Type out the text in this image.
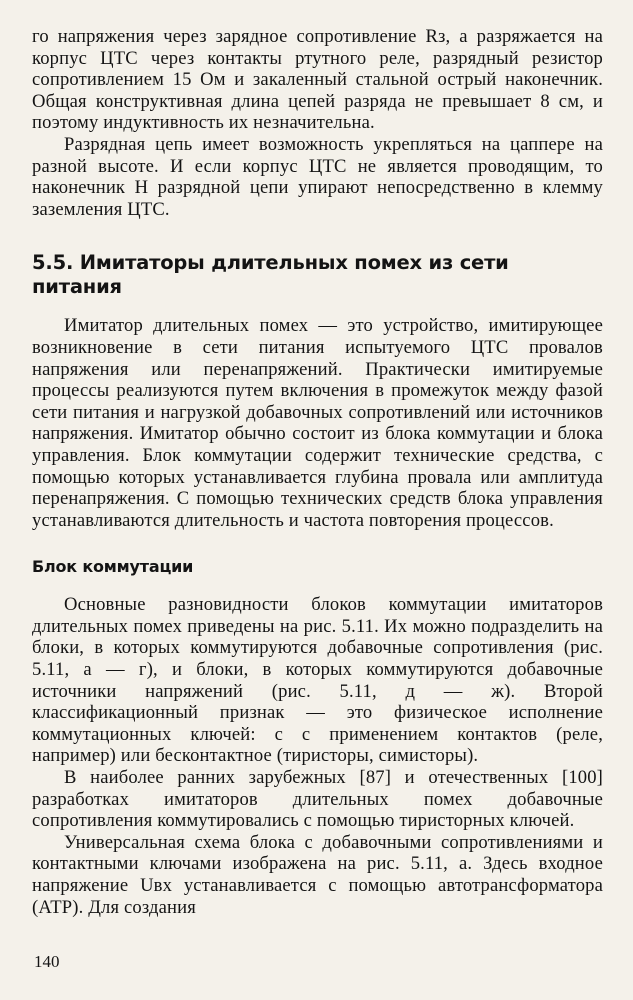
го напряжения через зарядное сопротивление Rз, а разряжается на корпус ЦТС через контакты ртутного реле, разрядный резистор сопротивлением 15 Ом и закаленный стальной острый наконечник. Общая конструктивная длина цепей разряда не превышает 8 см, и поэтому индуктивность их незначительна.

Разрядная цепь имеет возможность укрепляться на цаппере на разной высоте. И если корпус ЦТС не является проводящим, то наконечник H разрядной цепи упирают непосредственно в клемму заземления ЦТС.

5.5. Имитаторы длительных помех из сети питания

Имитатор длительных помех — это устройство, имитирующее возникновение в сети питания испытуемого ЦТС провалов напряжения или перенапряжений. Практически имитируемые процессы реализуются путем включения в промежуток между фазой сети питания и нагрузкой добавочных сопротивлений или источников напряжения. Имитатор обычно состоит из блока коммутации и блока управления. Блок коммутации содержит технические средства, с помощью которых устанавливается глубина провала или амплитуда перенапряжения. С помощью технических средств блока управления устанавливаются длительность и частота повторения процессов.

Блок коммутации

Основные разновидности блоков коммутации имитаторов длительных помех приведены на рис. 5.11. Их можно подразделить на блоки, в которых коммутируются добавочные сопротивления (рис. 5.11, а — г), и блоки, в которых коммутируются добавочные источники напряжений (рис. 5.11, д — ж). Второй классификационный признак — это физическое исполнение коммутационных ключей: с с применением контактов (реле, например) или бесконтактное (тиристоры, симисторы).

В наиболее ранних зарубежных [87] и отечественных [100] разработках имитаторов длительных помех добавочные сопротивления коммутировались с помощью тиристорных ключей.

Универсальная схема блока с добавочными сопротивлениями и контактными ключами изображена на рис. 5.11, а. Здесь входное напряжение Uвх устанавливается с помощью автотрансформатора (АТР). Для создания

140
